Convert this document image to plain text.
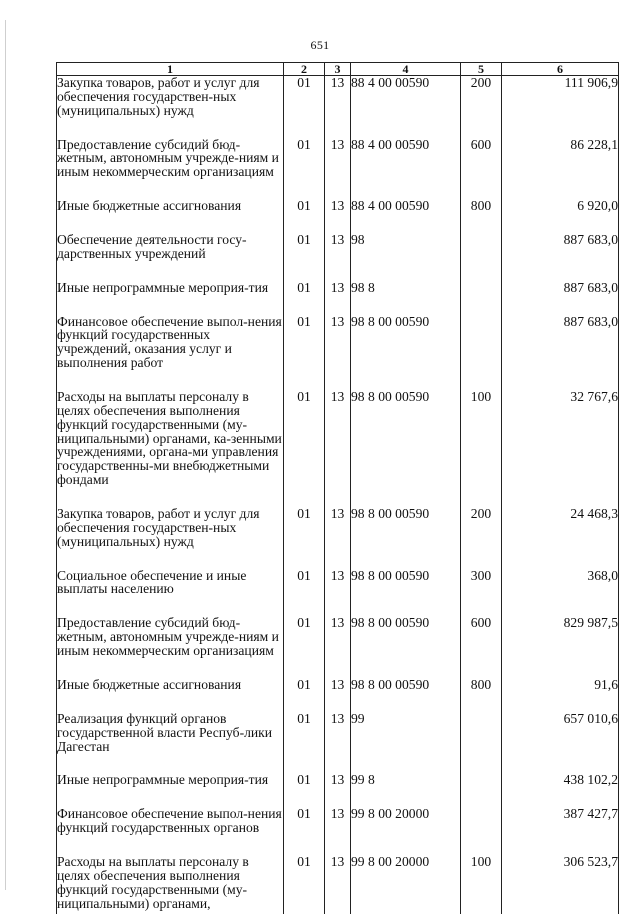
651
1	2	3	4	5	6
Закупка товаров, работ и услуг для обеспечения государствен-ных (муниципальных) нужд	01	13	88 4 00 00590	200	111 906,9
Предоставление субсидий бюд-жетным, автономным учрежде-ниям и иным некоммерческим организациям	01	13	88 4 00 00590	600	86 228,1
Иные бюджетные ассигнования	01	13	88 4 00 00590	800	6 920,0
Обеспечение деятельности госу-дарственных учреждений	01	13	98		887 683,0
Иные непрограммные мероприя-тия	01	13	98 8		887 683,0
Финансовое обеспечение выпол-нения функций государственных учреждений, оказания услуг и выполнения работ	01	13	98 8 00 00590		887 683,0
Расходы на выплаты персоналу в целях обеспечения выполнения функций государственными (му-ниципальными) органами, ка-зенными учреждениями, органа-ми управления государственны-ми внебюджетными фондами	01	13	98 8 00 00590	100	32 767,6
Закупка товаров, работ и услуг для обеспечения государствен-ных (муниципальных) нужд	01	13	98 8 00 00590	200	24 468,3
Социальное обеспечение и иные выплаты населению	01	13	98 8 00 00590	300	368,0
Предоставление субсидий бюд-жетным, автономным учрежде-ниям и иным некоммерческим организациям	01	13	98 8 00 00590	600	829 987,5
Иные бюджетные ассигнования	01	13	98 8 00 00590	800	91,6
Реализация функций органов государственной власти Респуб-лики Дагестан	01	13	99		657 010,6
Иные непрограммные мероприя-тия	01	13	99 8		438 102,2
Финансовое обеспечение выпол-нения функций государственных органов	01	13	99 8 00 20000		387 427,7
Расходы на выплаты персоналу в целях обеспечения выполнения функций государственными (му-ниципальными) органами,	01	13	99 8 00 20000	100	306 523,7
